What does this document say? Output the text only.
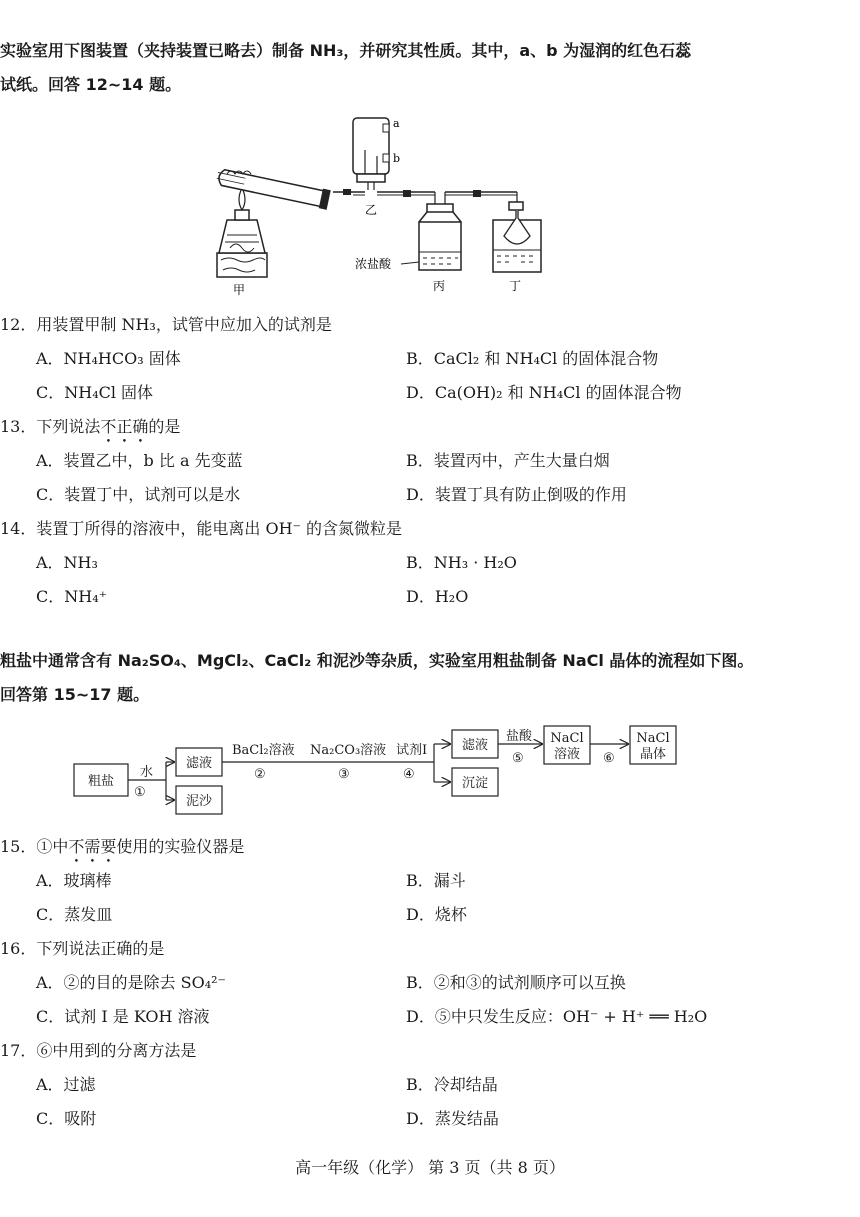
实验室用下图装置（夹持装置已略去）制备 NH₃，并研究其性质。其中，a、b 为湿润的红色石蕊
试纸。回答 12~14 题。
a
b
乙
浓盐酸
丙	丁
甲
12．用装置甲制 NH₃，试管中应加入的试剂是
A．NH₄HCO₃ 固体	B．CaCl₂ 和 NH₄Cl 的固体混合物
C．NH₄Cl 固体	D．Ca(OH)₂ 和 NH₄Cl 的固体混合物
13．下列说法不正确的是
A．装置乙中，b 比 a 先变蓝	B．装置丙中，产生大量白烟
C．装置丁中，试剂可以是水	D．装置丁具有防止倒吸的作用
14．装置丁所得的溶液中，能电离出 OH⁻ 的含氮微粒是
A．NH₃	B．NH₃ · H₂O
C．NH₄⁺	D．H₂O
粗盐中通常含有 Na₂SO₄、MgCl₂、CaCl₂ 和泥沙等杂质，实验室用粗盐制备 NaCl 晶体的流程如下图。
回答第 15~17 题。
粗盐
滤液
泥沙
滤液
沉淀
NaCl
溶液
NaCl
晶体
水
①
BaCl₂溶液
②
Na₂CO₃溶液
③
试剂I
④
盐酸
⑤	⑥
15．①中不需要使用的实验仪器是
A．玻璃棒	B．漏斗
C．蒸发皿	D．烧杯
16．下列说法正确的是
A．②的目的是除去 SO₄²⁻	B．②和③的试剂顺序可以互换
C．试剂 I 是 KOH 溶液	D．⑤中只发生反应：OH⁻ + H⁺ ══ H₂O
17．⑥中用到的分离方法是
A．过滤	B．冷却结晶
C．吸附	D．蒸发结晶
高一年级（化学） 第 3 页（共 8 页）
